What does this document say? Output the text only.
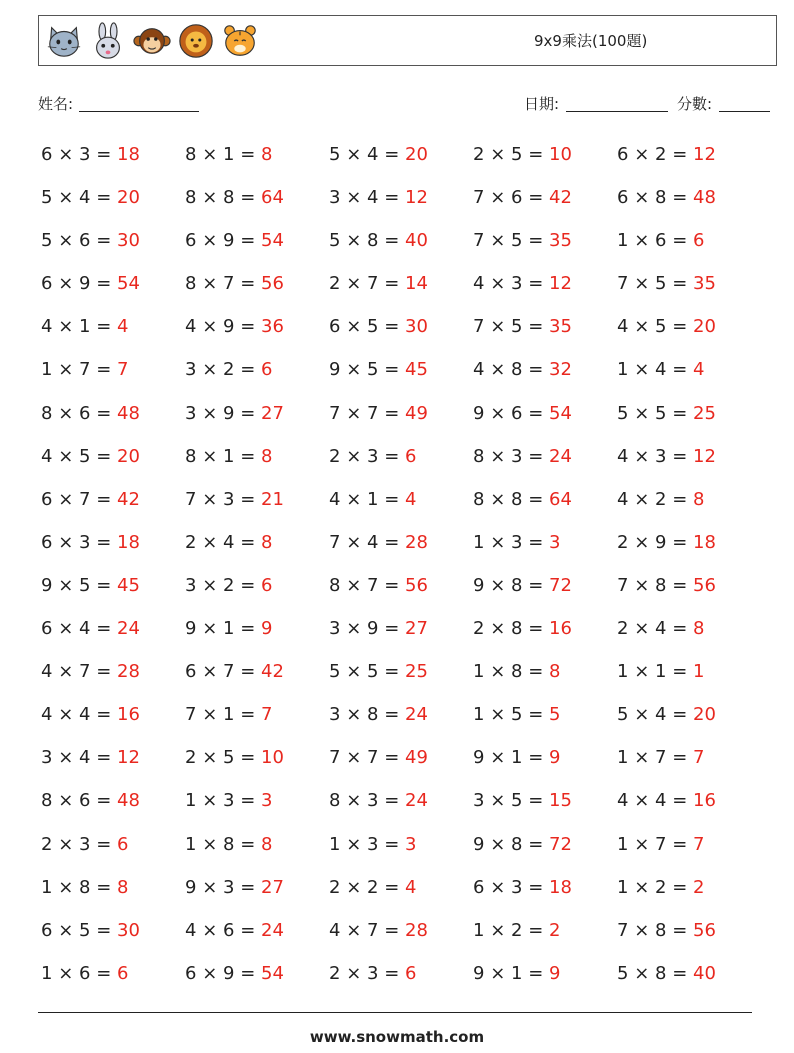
9x9乘法(100題)
姓名:	日期:	分數:
6 × 3 = 18	8 × 1 = 8	5 × 4 = 20	2 × 5 = 10	6 × 2 = 12
5 × 4 = 20	8 × 8 = 64	3 × 4 = 12	7 × 6 = 42	6 × 8 = 48
5 × 6 = 30	6 × 9 = 54	5 × 8 = 40	7 × 5 = 35	1 × 6 = 6
6 × 9 = 54	8 × 7 = 56	2 × 7 = 14	4 × 3 = 12	7 × 5 = 35
4 × 1 = 4	4 × 9 = 36	6 × 5 = 30	7 × 5 = 35	4 × 5 = 20
1 × 7 = 7	3 × 2 = 6	9 × 5 = 45	4 × 8 = 32	1 × 4 = 4
8 × 6 = 48	3 × 9 = 27	7 × 7 = 49	9 × 6 = 54	5 × 5 = 25
4 × 5 = 20	8 × 1 = 8	2 × 3 = 6	8 × 3 = 24	4 × 3 = 12
6 × 7 = 42	7 × 3 = 21	4 × 1 = 4	8 × 8 = 64	4 × 2 = 8
6 × 3 = 18	2 × 4 = 8	7 × 4 = 28	1 × 3 = 3	2 × 9 = 18
9 × 5 = 45	3 × 2 = 6	8 × 7 = 56	9 × 8 = 72	7 × 8 = 56
6 × 4 = 24	9 × 1 = 9	3 × 9 = 27	2 × 8 = 16	2 × 4 = 8
4 × 7 = 28	6 × 7 = 42	5 × 5 = 25	1 × 8 = 8	1 × 1 = 1
4 × 4 = 16	7 × 1 = 7	3 × 8 = 24	1 × 5 = 5	5 × 4 = 20
3 × 4 = 12	2 × 5 = 10	7 × 7 = 49	9 × 1 = 9	1 × 7 = 7
8 × 6 = 48	1 × 3 = 3	8 × 3 = 24	3 × 5 = 15	4 × 4 = 16
2 × 3 = 6	1 × 8 = 8	1 × 3 = 3	9 × 8 = 72	1 × 7 = 7
1 × 8 = 8	9 × 3 = 27	2 × 2 = 4	6 × 3 = 18	1 × 2 = 2
6 × 5 = 30	4 × 6 = 24	4 × 7 = 28	1 × 2 = 2	7 × 8 = 56
1 × 6 = 6	6 × 9 = 54	2 × 3 = 6	9 × 1 = 9	5 × 8 = 40
www.snowmath.com
